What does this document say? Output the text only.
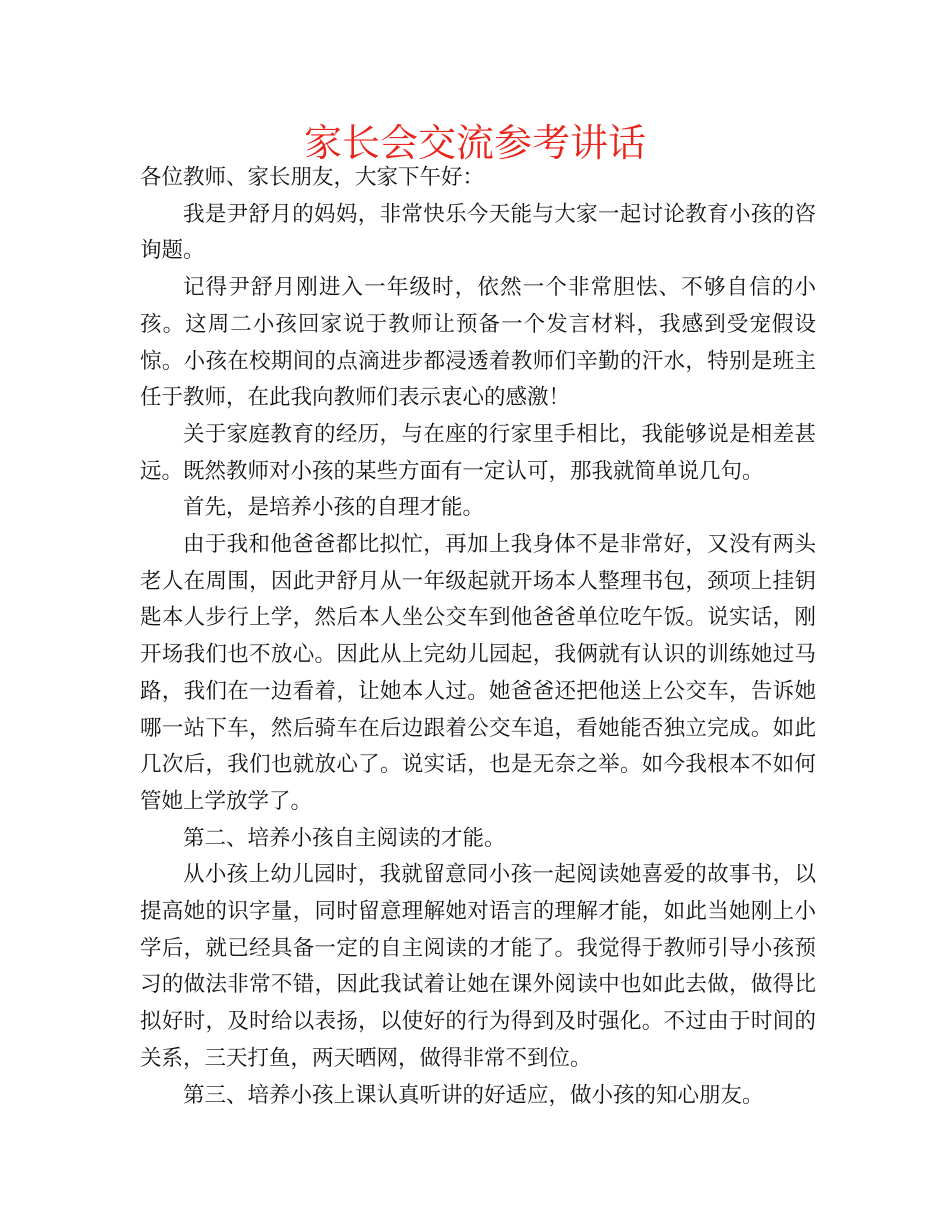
家长会交流参考讲话

各位教师、家长朋友，大家下午好：

我是尹舒月的妈妈，非常快乐今天能与大家一起讨论教育小孩的咨询题。

记得尹舒月刚进入一年级时，依然一个非常胆怯、不够自信的小孩。这周二小孩回家说于教师让预备一个发言材料，我感到受宠假设惊。小孩在校期间的点滴进步都浸透着教师们辛勤的汗水，特别是班主任于教师，在此我向教师们表示衷心的感激！

关于家庭教育的经历，与在座的行家里手相比，我能够说是相差甚远。既然教师对小孩的某些方面有一定认可，那我就简单说几句。

首先，是培养小孩的自理才能。

由于我和他爸爸都比拟忙，再加上我身体不是非常好，又没有两头老人在周围，因此尹舒月从一年级起就开场本人整理书包，颈项上挂钥匙本人步行上学，然后本人坐公交车到他爸爸单位吃午饭。说实话，刚开场我们也不放心。因此从上完幼儿园起，我俩就有认识的训练她过马路，我们在一边看着，让她本人过。她爸爸还把他送上公交车，告诉她哪一站下车，然后骑车在后边跟着公交车追，看她能否独立完成。如此几次后，我们也就放心了。说实话，也是无奈之举。如今我根本不如何管她上学放学了。

第二、培养小孩自主阅读的才能。

从小孩上幼儿园时，我就留意同小孩一起阅读她喜爱的故事书，以提高她的识字量，同时留意理解她对语言的理解才能，如此当她刚上小学后，就已经具备一定的自主阅读的才能了。我觉得于教师引导小孩预习的做法非常不错，因此我试着让她在课外阅读中也如此去做，做得比拟好时，及时给以表扬，以使好的行为得到及时强化。不过由于时间的关系，三天打鱼，两天晒网，做得非常不到位。

第三、培养小孩上课认真听讲的好适应，做小孩的知心朋友。
